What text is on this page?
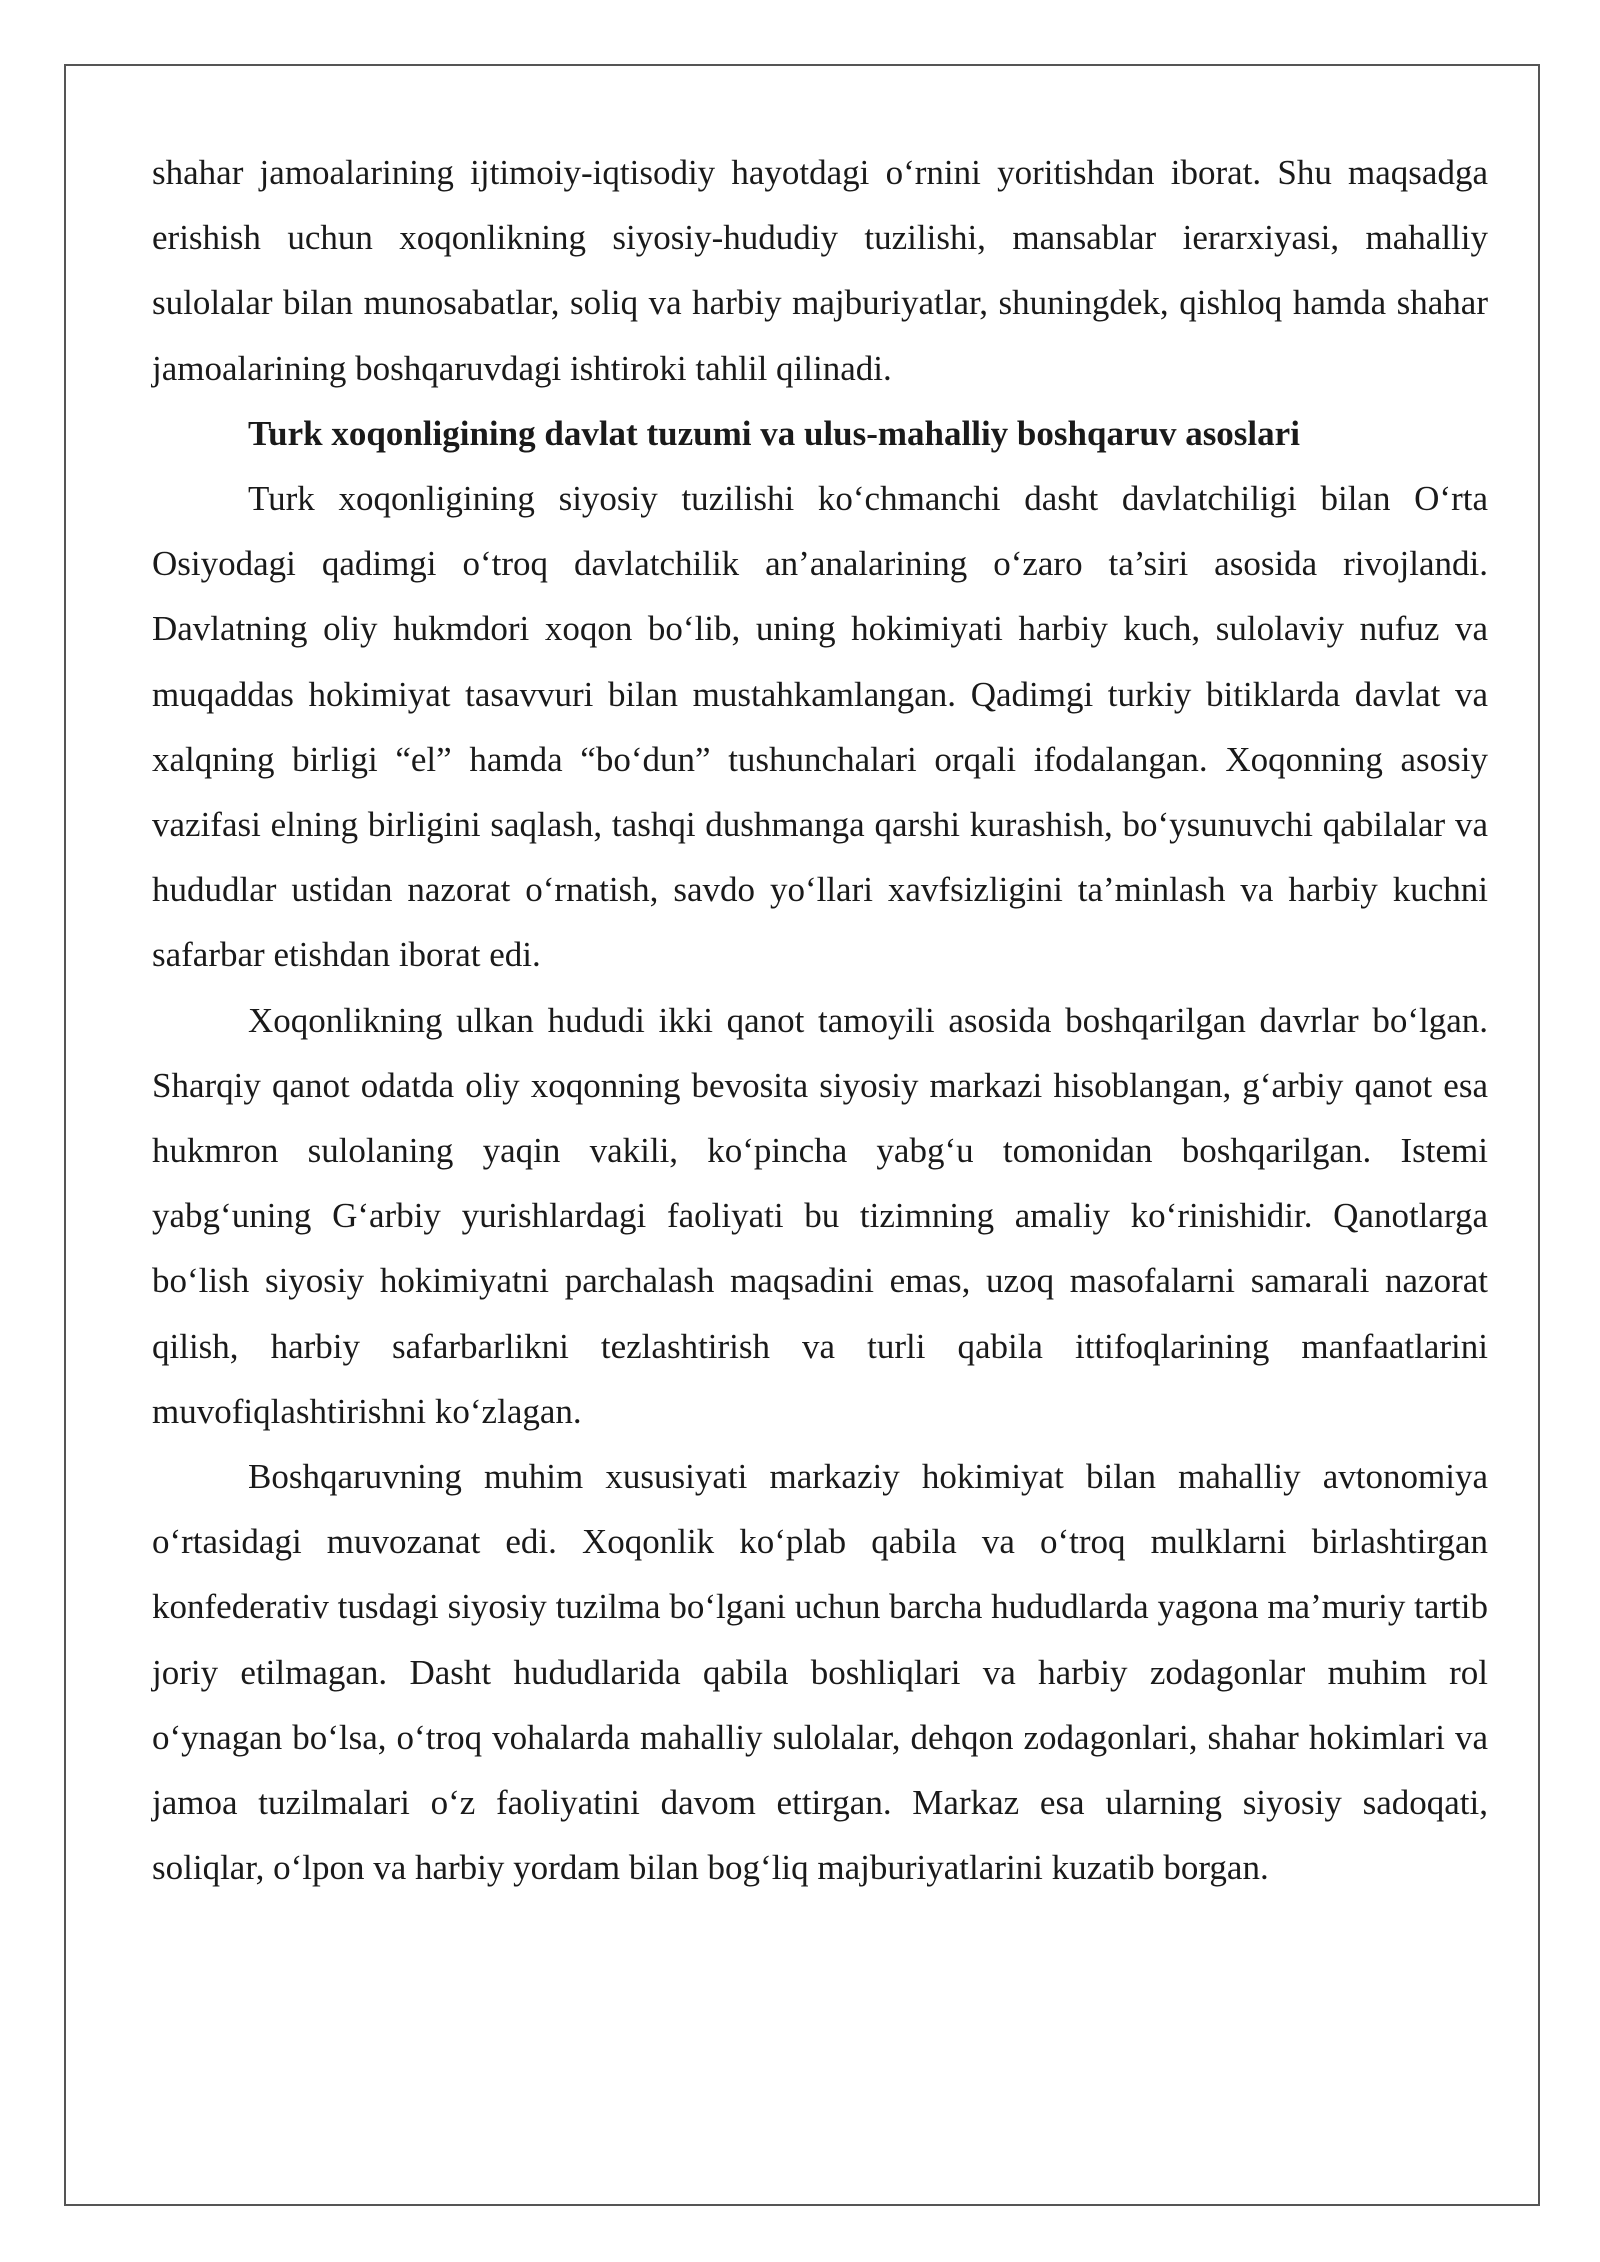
shahar jamoalarining ijtimoiy-iqtisodiy hayotdagi o‘rnini yoritishdan iborat. Shu maqsadga erishish uchun xoqonlikning siyosiy-hududiy tuzilishi, mansablar ierarxiyasi, mahalliy sulolalar bilan munosabatlar, soliq va harbiy majburiyatlar, shuningdek, qishloq hamda shahar jamoalarining boshqaruvdagi ishtiroki tahlil qilinadi.

Turk xoqonligining davlat tuzumi va ulus-mahalliy boshqaruv asoslari

Turk xoqonligining siyosiy tuzilishi ko‘chmanchi dasht davlatchiligi bilan O‘rta Osiyodagi qadimgi o‘troq davlatchilik an’analarining o‘zaro ta’siri asosida rivojlandi. Davlatning oliy hukmdori xoqon bo‘lib, uning hokimiyati harbiy kuch, sulolaviy nufuz va muqaddas hokimiyat tasavvuri bilan mustahkamlangan. Qadimgi turkiy bitiklarda davlat va xalqning birligi “el” hamda “bo‘dun” tushunchalari orqali ifodalangan. Xoqonning asosiy vazifasi elning birligini saqlash, tashqi dushmanga qarshi kurashish, bo‘ysunuvchi qabilalar va hududlar ustidan nazorat o‘rnatish, savdo yo‘llari xavfsizligini ta’minlash va harbiy kuchni safarbar etishdan iborat edi.

Xoqonlikning ulkan hududi ikki qanot tamoyili asosida boshqarilgan davrlar bo‘lgan. Sharqiy qanot odatda oliy xoqonning bevosita siyosiy markazi hisoblangan, g‘arbiy qanot esa hukmron sulolaning yaqin vakili, ko‘pincha yabg‘u tomonidan boshqarilgan. Istemi yabg‘uning G‘arbiy yurishlardagi faoliyati bu tizimning amaliy ko‘rinishidir. Qanotlarga bo‘lish siyosiy hokimiyatni parchalash maqsadini emas, uzoq masofalarni samarali nazorat qilish, harbiy safarbarlikni tezlashtirish va turli qabila ittifoqlarining manfaatlarini muvofiqlashtirishni ko‘zlagan.

Boshqaruvning muhim xususiyati markaziy hokimiyat bilan mahalliy avtonomiya o‘rtasidagi muvozanat edi. Xoqonlik ko‘plab qabila va o‘troq mulklarni birlashtirgan konfederativ tusdagi siyosiy tuzilma bo‘lgani uchun barcha hududlarda yagona ma’muriy tartib joriy etilmagan. Dasht hududlarida qabila boshliqlari va harbiy zodagonlar muhim rol o‘ynagan bo‘lsa, o‘troq vohalarda mahalliy sulolalar, dehqon zodagonlari, shahar hokimlari va jamoa tuzilmalari o‘z faoliyatini davom ettirgan. Markaz esa ularning siyosiy sadoqati, soliqlar, o‘lpon va harbiy yordam bilan bog‘liq majburiyatlarini kuzatib borgan.
